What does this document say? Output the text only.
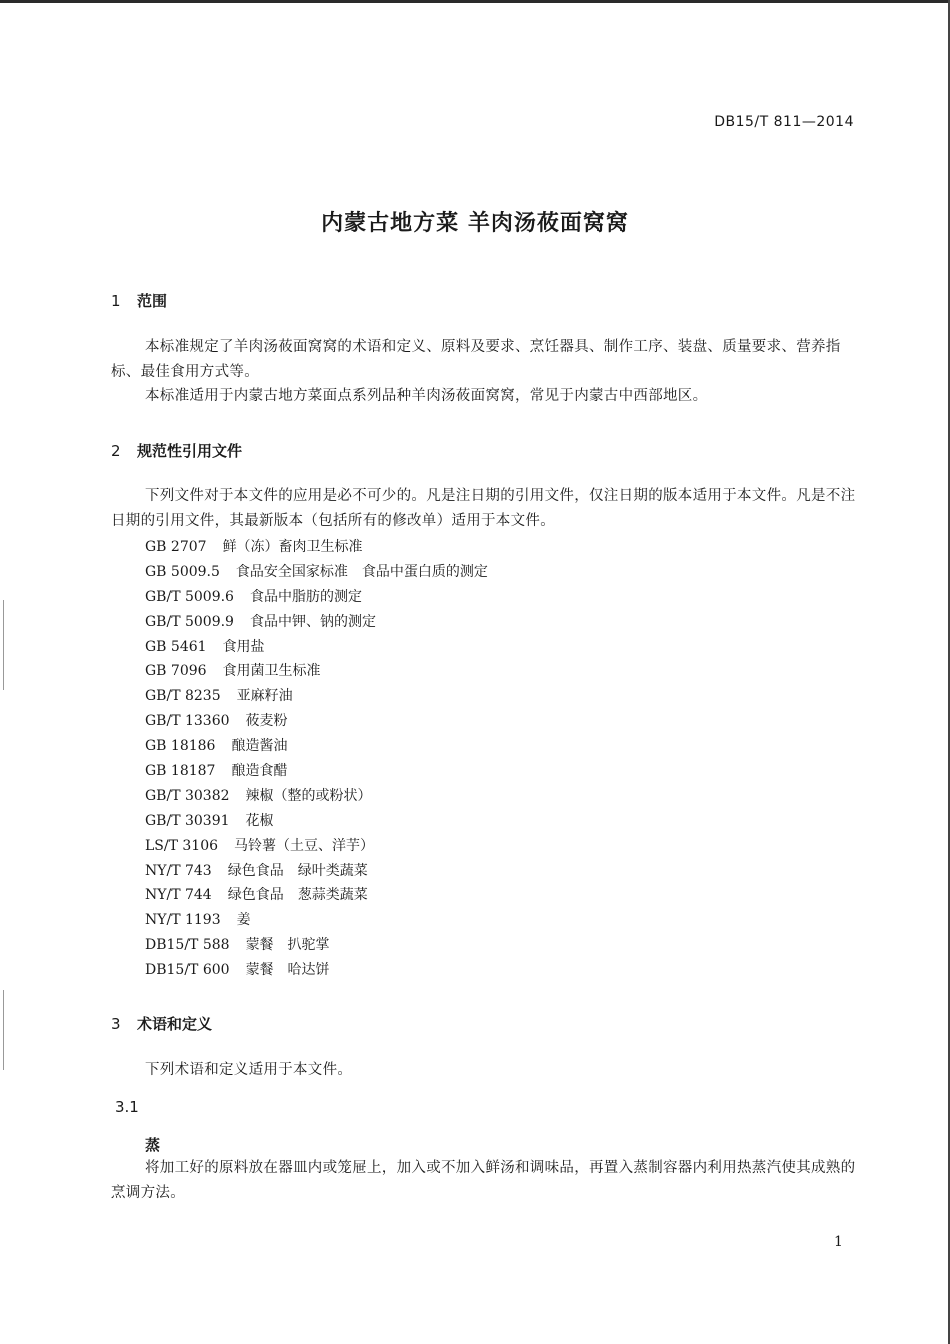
DB15/T 811—2014
内蒙古地方菜 羊肉汤莜面窝窝
1 范围
本标准规定了羊肉汤莜面窝窝的术语和定义、原料及要求、烹饪器具、制作工序、装盘、质量要求、营养指标、最佳食用方式等。
本标准适用于内蒙古地方菜面点系列品种羊肉汤莜面窝窝，常见于内蒙古中西部地区。
2 规范性引用文件
下列文件对于本文件的应用是必不可少的。凡是注日期的引用文件，仅注日期的版本适用于本文件。凡是不注日期的引用文件，其最新版本（包括所有的修改单）适用于本文件。
GB 2707 鲜（冻）畜肉卫生标准
GB 5009.5 食品安全国家标准　食品中蛋白质的测定
GB/T 5009.6 食品中脂肪的测定
GB/T 5009.9 食品中钾、钠的测定
GB 5461 食用盐
GB 7096 食用菌卫生标准
GB/T 8235 亚麻籽油
GB/T 13360 莜麦粉
GB 18186 酿造酱油
GB 18187 酿造食醋
GB/T 30382 辣椒（整的或粉状）
GB/T 30391 花椒
LS/T 3106 马铃薯（土豆、洋芋）
NY/T 743 绿色食品　绿叶类蔬菜
NY/T 744 绿色食品　葱蒜类蔬菜
NY/T 1193 姜
DB15/T 588 蒙餐　扒驼掌
DB15/T 600 蒙餐　哈达饼
3 术语和定义
下列术语和定义适用于本文件。
3.1
蒸
将加工好的原料放在器皿内或笼屉上，加入或不加入鲜汤和调味品，再置入蒸制容器内利用热蒸汽使其成熟的烹调方法。
1
